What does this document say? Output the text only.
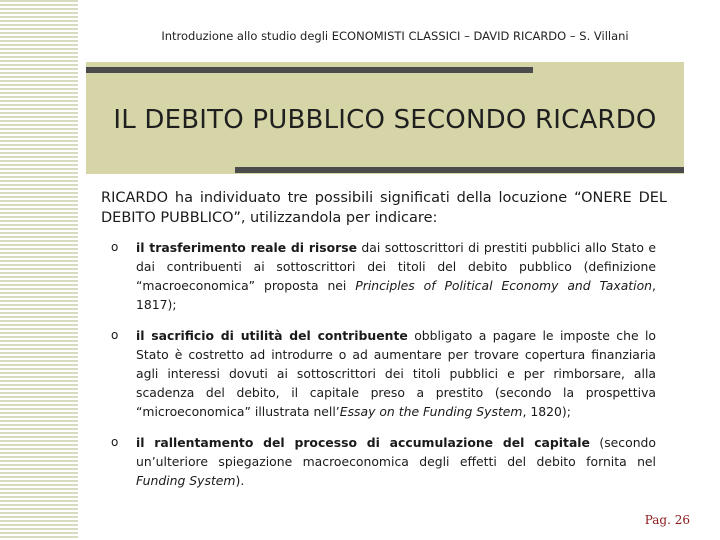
Introduzione allo studio degli ECONOMISTI CLASSICI – DAVID RICARDO – S. Villani
IL DEBITO PUBBLICO SECONDO RICARDO
RICARDO ha individuato tre possibili significati della locuzione “ONERE DEL DEBITO PUBBLICO”, utilizzandola per indicare:
o il trasferimento reale di risorse dai sottoscrittori di prestiti pubblici allo Stato e dai contribuenti ai sottoscrittori dei titoli del debito pubblico (definizione “macroeconomica” proposta nei Principles of Political Economy and Taxation, 1817);
o il sacrificio di utilità del contribuente obbligato a pagare le imposte che lo Stato è costretto ad introdurre o ad aumentare per trovare copertura finanziaria agli interessi dovuti ai sottoscrittori dei titoli pubblici e per rimborsare, alla scadenza del debito, il capitale preso a prestito (secondo la prospettiva “microeconomica” illustrata nell’Essay on the Funding System, 1820);
o il rallentamento del processo di accumulazione del capitale (secondo un’ulteriore spiegazione macroeconomica degli effetti del debito fornita nel Funding System).
Pag. 26
